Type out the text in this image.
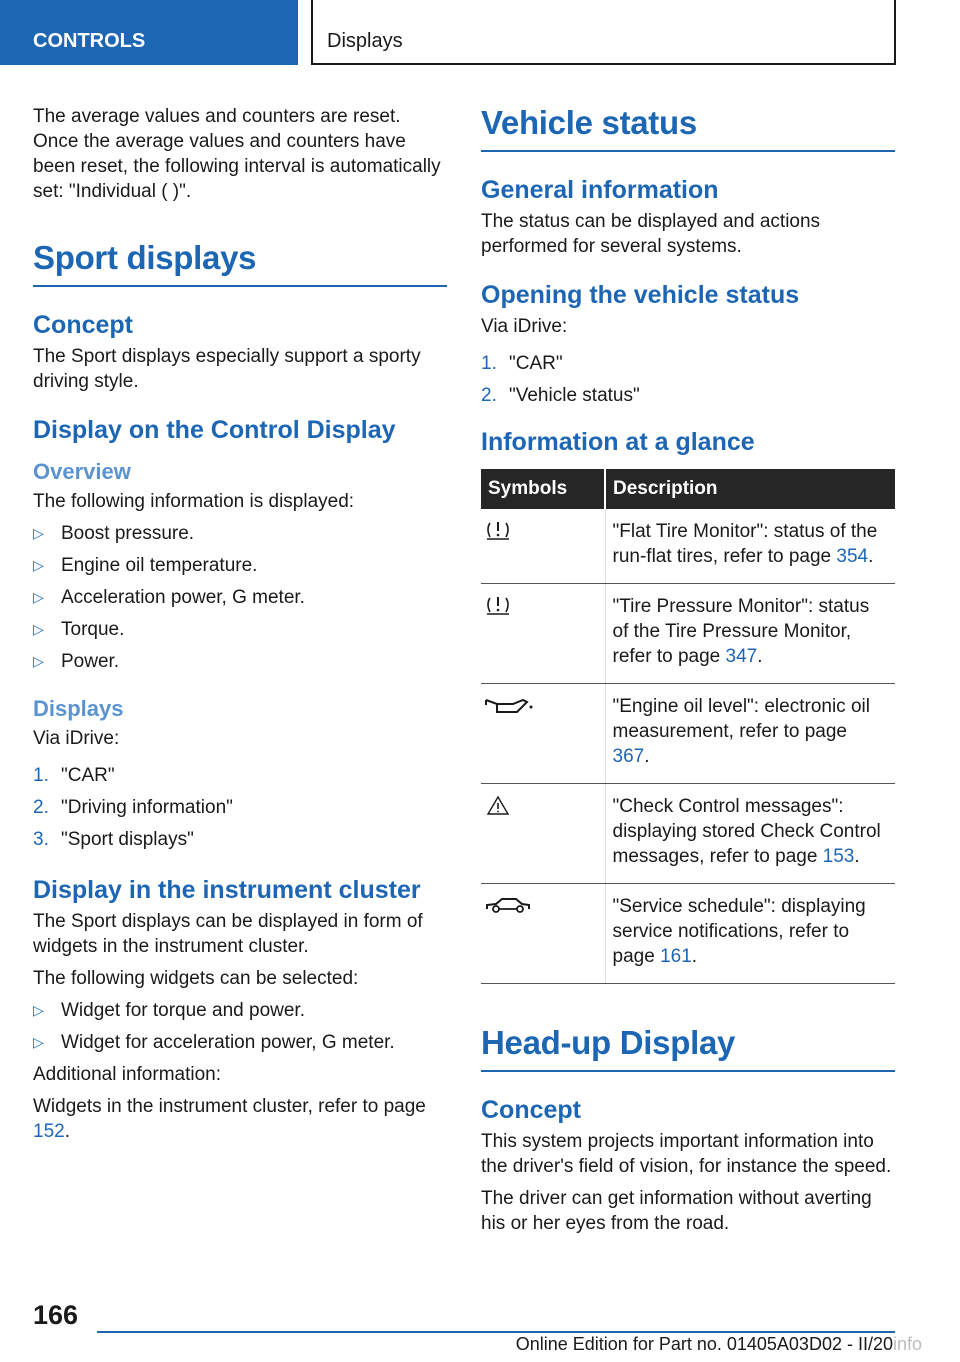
CONTROLS	Displays

The average values and counters are reset.

Once the average values and counters have been reset, the following interval is automatically set: "Individual ( )".

Sport displays
Concept

The Sport displays especially support a sporty driving style.

Display on the Control Display
Overview

The following information is displayed:

▷ Boost pressure.
▷ Engine oil temperature.
▷ Acceleration power, G meter.
▷ Torque.
▷ Power.
Displays

Via iDrive:

1. "CAR"
2. "Driving information"
3. "Sport displays"
Display in the instrument cluster

The Sport displays can be displayed in form of widgets in the instrument cluster.

The following widgets can be selected:

▷ Widget for torque and power.
▷ Widget for acceleration power, G meter.

Additional information:

Widgets in the instrument cluster, refer to page 152.

Vehicle status
General information

The status can be displayed and actions performed for several systems.

Opening the vehicle status

Via iDrive:

1. "CAR"
2. "Vehicle status"
Information at a glance
Symbols	Description

	"Flat Tire Monitor": status of the run-flat tires, refer to page 354.

	"Tire Pressure Monitor": status of the Tire Pressure Monitor, refer to page 347.

	"Engine oil level": electronic oil measurement, refer to page 367.

	"Check Control messages": displaying stored Check Control messages, refer to page 153.

	"Service schedule": displaying service notifications, refer to page 161.
Head-up Display
Concept

This system projects important information into the driver's field of vision, for instance the speed.

The driver can get information without averting his or her eyes from the road.

166
Online Edition for Part no. 01405A03D02 - II/20 info
